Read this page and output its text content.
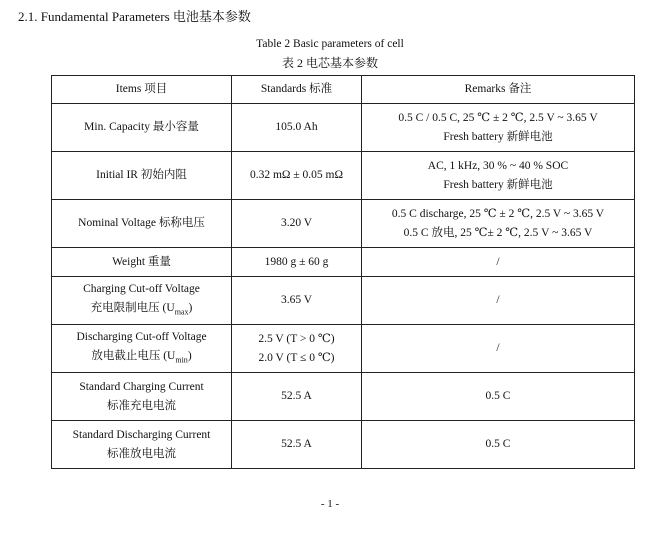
2.1. Fundamental Parameters 电池基本参数
Table 2 Basic parameters of cell
表 2 电芯基本参数
Items 项目	Standards 标准	Remarks 备注

Min. Capacity 最小容量	105.0 Ah	0.5 C / 0.5 C, 25 ℃ ± 2 ℃, 2.5 V ~ 3.65 V
Fresh battery 新鲜电池

Initial IR 初始内阻	0.32 mΩ ± 0.05 mΩ	AC, 1 kHz, 30 % ~ 40 % SOC
Fresh battery 新鲜电池

Nominal Voltage 标称电压	3.20 V	0.5 C discharge, 25 ℃ ± 2 ℃, 2.5 V ~ 3.65 V
0.5 C 放电, 25 ℃± 2 ℃, 2.5 V ~ 3.65 V

Weight 重量	1980 g ± 60 g	/

Charging Cut-off Voltage
充电限制电压 $(U_{max})$	3.65 V	/

Discharging Cut-off Voltage
放电截止电压 $(U_{min})$	2.5 V (T > 0 ℃)
2.0 V (T ≤ 0 ℃)	/

Standard Charging Current
标准充电电流	52.5 A	0.5 C

Standard Discharging Current
标准放电电流	52.5 A	0.5 C
- 1 -
